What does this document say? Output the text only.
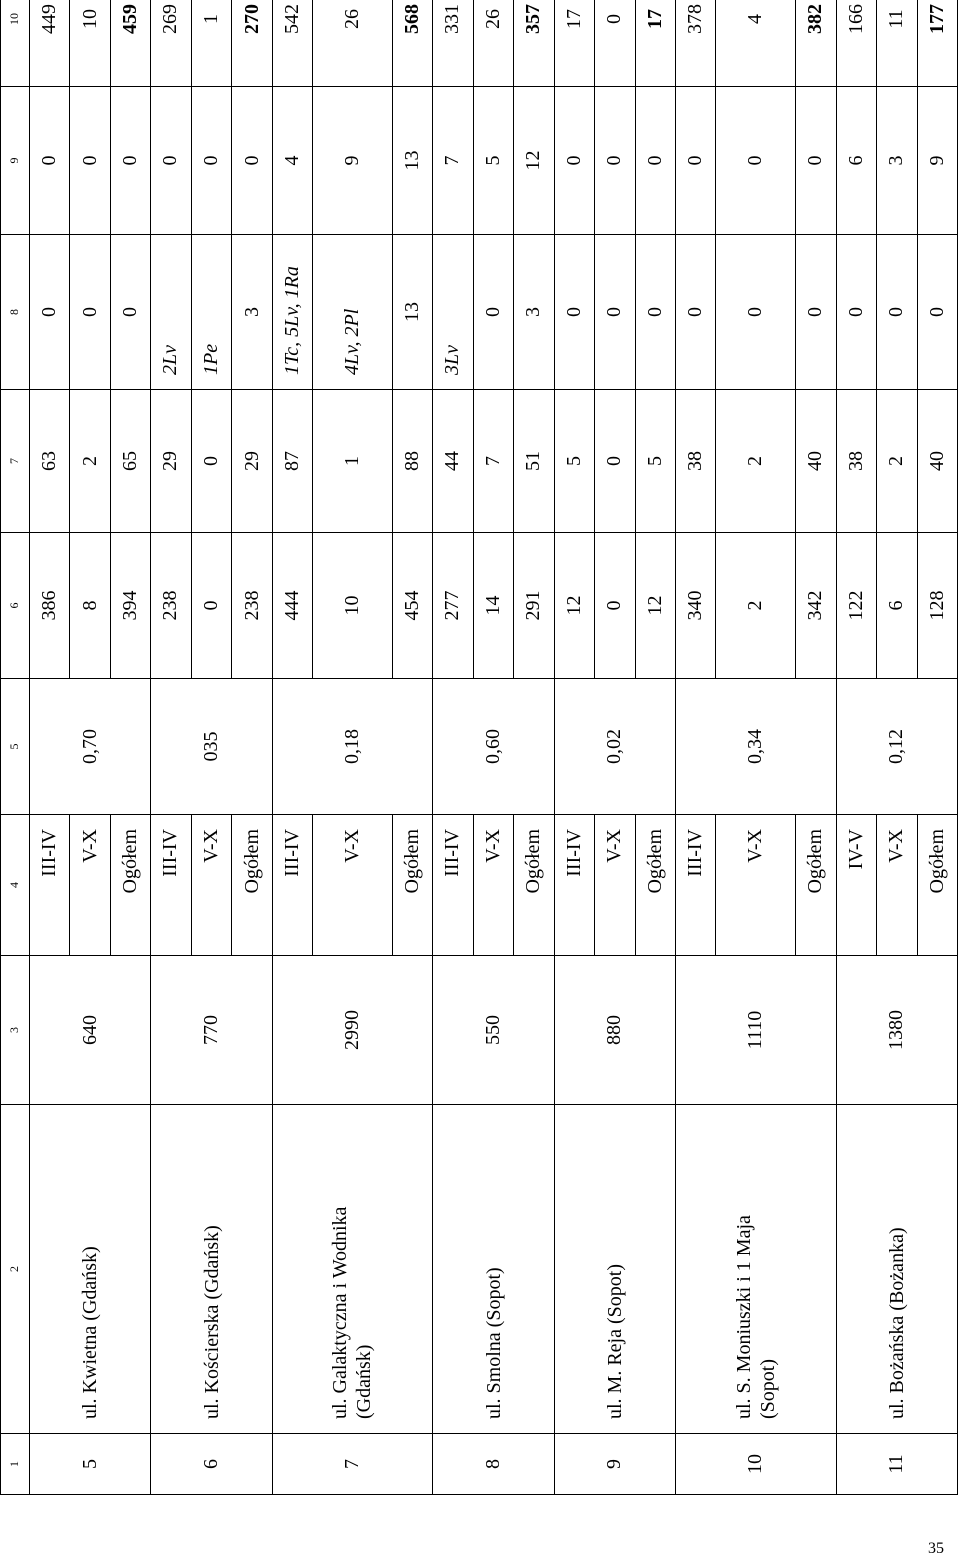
1	2	3	4	5	6	7	8	9	10
			III-IV		386	63	0	0	449
5	ul. Kwietna (Gdańsk)	640	V-X	0,70	8	2	0	0	10
			Ogółem		394	65	0	0	459
			III-IV		238	29	2Lv	0	269
6	ul. Kościerska (Gdańsk)	770	V-X	035	0	0	1Pe	0	1
			Ogółem		238	29	3	0	270
			III-IV		444	87	1Tc, 5Lv, 1Ra	4	542
7	ul. Galaktyczna i Wodnika
(Gdańsk)	2990	V-X	0,18	10	1	4Lv, 2Pl	9	26
			Ogółem		454	88	13	13	568
			III-IV		277	44	3Lv	7	331
8	ul. Smolna (Sopot)	550	V-X	0,60	14	7	0	5	26
			Ogółem		291	51	3	12	357
			III-IV		12	5	0	0	17
9	ul. M. Reja (Sopot)	880	V-X	0,02	0	0	0	0	0
			Ogółem		12	5	0	0	17
			III-IV		340	38	0	0	378
10	ul. S. Moniuszki i 1 Maja
(Sopot)	1110	V-X	0,34	2	2	0	0	4
			Ogółem		342	40	0	0	382
			IV-V		122	38	0	6	166
11	ul. Bożańska (Bożanka)	1380	V-X	0,12	6	2	0	3	11
			Ogółem		128	40	0	9	177
35
